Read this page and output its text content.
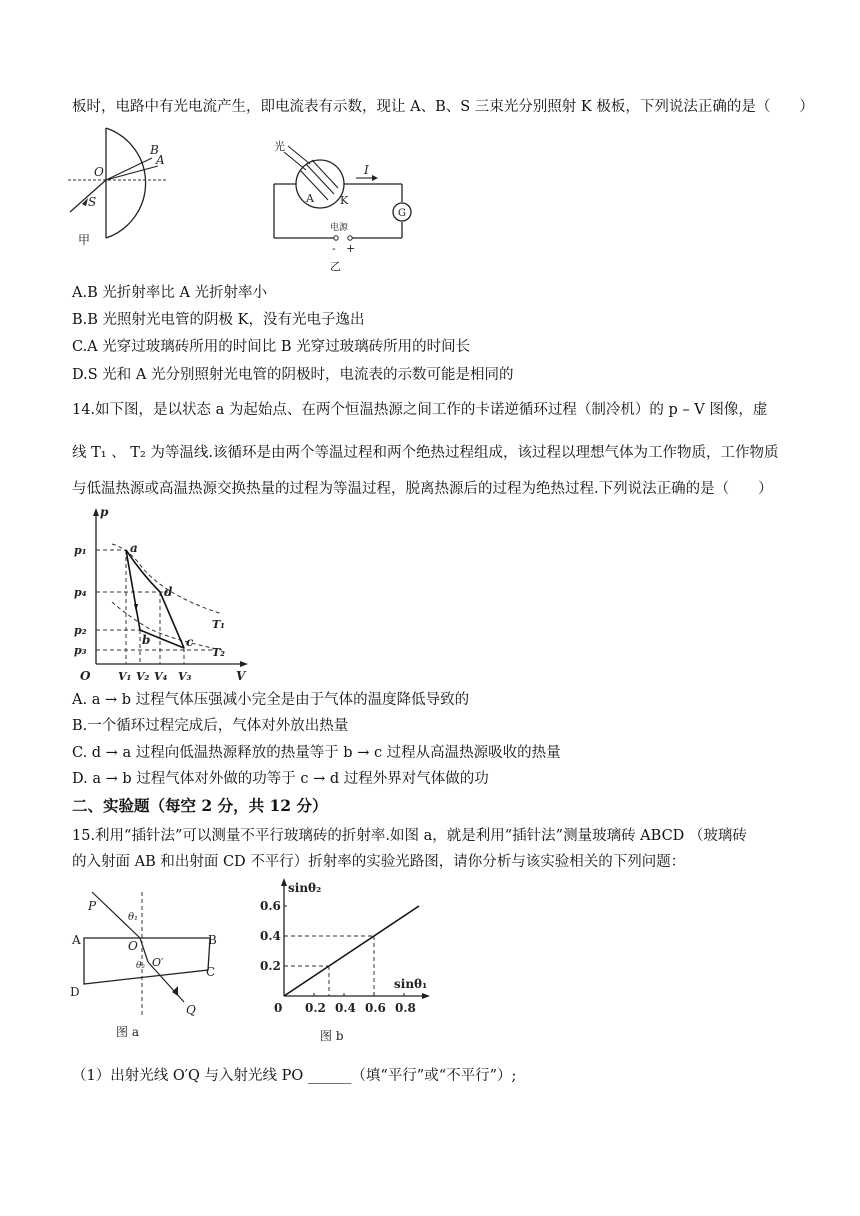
板时，电路中有光电流产生，即电流表有示数，现让 A、B、S 三束光分别照射 K 极板，下列说法正确的是（　　）
O
B
A
S
甲
光
A K
I
G
电源
- +
乙
A.B 光折射率比 A 光折射率小
B.B 光照射光电管的阴极 K，没有光电子逸出
C.A 光穿过玻璃砖所用的时间比 B 光穿过玻璃砖所用的时间长
D.S 光和 A 光分别照射光电管的阴极时，电流表的示数可能是相同的
14.如下图，是以状态 a 为起始点、在两个恒温热源之间工作的卡诺逆循环过程（制冷机）的 p – V 图像，虚
线 T₁ 、 T₂ 为等温线.该循环是由两个等温过程和两个绝热过程组成，该过程以理想气体为工作物质，工作物质
与低温热源或高温热源交换热量的过程为等温过程，脱离热源后的过程为绝热过程.下列说法正确的是（　　）
p
V
O
p₁
p₄
p₂
p₃
V₁ V₂ V₄ V₃
a
b	c
d
T₁
T₂
A. a → b 过程气体压强减小完全是由于气体的温度降低导致的
B.一个循环过程完成后，气体对外放出热量
C. d → a 过程向低温热源释放的热量等于 b → c 过程从高温热源吸收的热量
D. a → b 过程气体对外做的功等于 c → d 过程外界对气体做的功
二、实验题（每空 2 分，共 12 分）
15.利用“插针法”可以测量不平行玻璃砖的折射率.如图 a，就是利用“插针法”测量玻璃砖 ABCD （玻璃砖
的入射面 AB 和出射面 CD 不平行）折射率的实验光路图，请你分析与该实验相关的下列问题：
P
θ₁
A	B
O
O′
θ₂	C
D
Q
图 a
sinθ₂
sinθ₁
0 0.2 0.4 0.6 0.8
0.2
0.4
0.6
图 b
（1）出射光线 O′Q 与入射光线 PO ______（填“平行”或“不平行”）;
